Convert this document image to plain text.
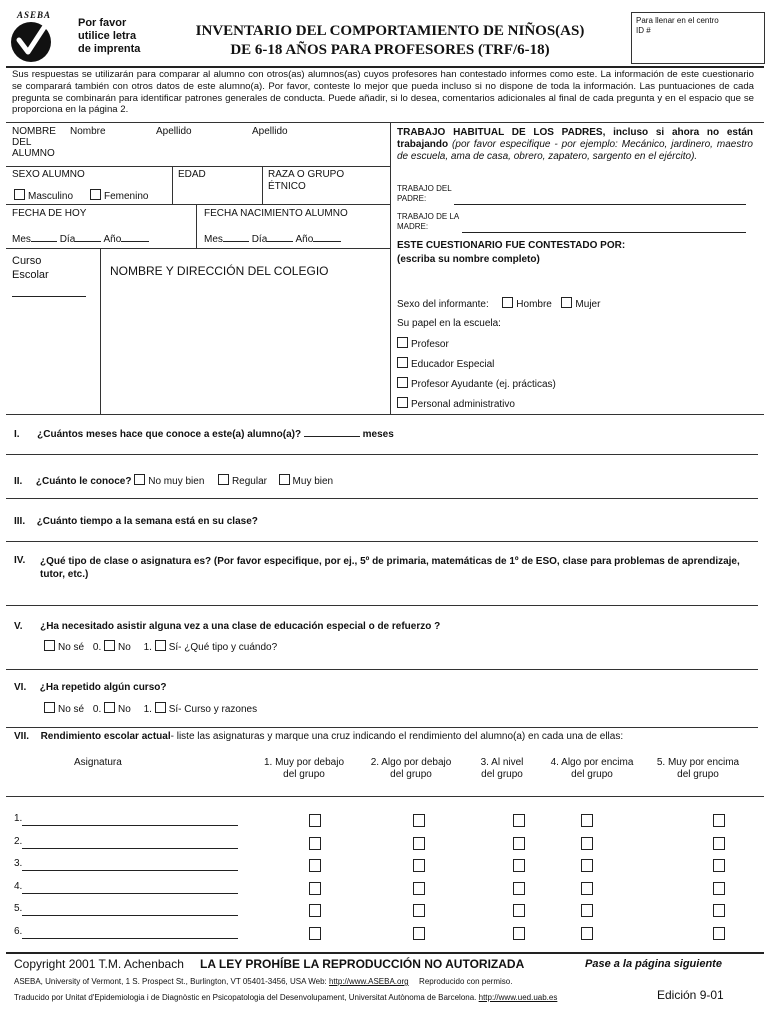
ASEBA
Por favor
utilice letra
de imprenta
INVENTARIO DEL COMPORTAMIENTO DE NIÑOS(AS)
DE 6-18 AÑOS PARA PROFESORES (TRF/6-18)
Para llenar en el centro
ID #
Sus respuestas se utilizarán para comparar al alumno con otros(as) alumnos(as) cuyos profesores han contestado informes como este. La información de este cuestionario se comparará también con otros datos de este alumno(a). Por favor, conteste lo mejor que pueda incluso si no dispone de toda la información. Las puntuaciones de cada pregunta se combinarán para identificar patrones generales de conducta. Puede añadir, si lo desea, comentarios adicionales al final de cada pregunta y en el espacio que se proporciona en la página 2.
NOMBRE DEL ALUMNO
Nombre	Apellido	Apellido
SEXO ALUMNO
Masculino	Femenino
EDAD	RAZA O GRUPO ÉTNICO
FECHA DE HOY	FECHA NACIMIENTO ALUMNO
Mes	Día	Año	Mes	Día	Año
Curso Escolar	NOMBRE Y DIRECCIÓN DEL COLEGIO
TRABAJO HABITUAL DE LOS PADRES, incluso si ahora no están trabajando (por favor especifique - por ejemplo: Mecánico, jardinero, maestro de escuela, ama de casa, obrero, zapatero, sargento en el ejército).
TRABAJO DEL PADRE:
TRABAJO DE LA MADRE:
ESTE CUESTIONARIO FUE CONTESTADO POR:
(escriba su nombre completo)
Sexo del informante:	Hombre Mujer
Su papel en la escuela:
Profesor
Educador Especial
Profesor Ayudante (ej. prácticas)
Personal administrativo
I. ¿Cuántos meses hace que conoce a este(a) alumno(a)?	meses
II. ¿Cuánto le conoce? No muy bien	Regular	Muy bien
III. ¿Cuánto tiempo a la semana está en su clase?
IV.	¿Qué tipo de clase o asignatura es? (Por favor especifique, por ej., 5º de primaria, matemáticas de 1º de ESO, clase para problemas de aprendizaje, tutor, etc.)
V. ¿Ha necesitado asistir alguna vez a una clase de educación especial o de refuerzo ?
No sé 0. No 1. Sí- ¿Qué tipo y cuándo?
VI. ¿Ha repetido algún curso?
No sé 0. No 1. Sí- Curso y razones
VII. Rendimiento escolar actual- liste las asignaturas y marque una cruz indicando el rendimiento del alumno(a) en cada una de ellas:
Asignatura	1. Muy por debajo
del grupo
2. Algo por debajo
del grupo
3. Al nivel
del grupo
4. Algo por encima
del grupo
5. Muy por encima
del grupo
1.
2.
3.
4.
5.
6.
Copyright 2001 T.M. Achenbach LA LEY PROHÍBE LA REPRODUCCIÓN NO AUTORIZADA	Pase a la página siguiente
ASEBA, University of Vermont, 1 S. Prospect St., Burlington, VT 05401-3456, USA Web: http://www.ASEBA.org Reproducido con permiso.
Traducido por Unitat d'Epidemiologia i de Diagnòstic en Psicopatologia del Desenvolupament, Universitat Autònoma de Barcelona. http://www.ued.uab.es	Edición 9-01
